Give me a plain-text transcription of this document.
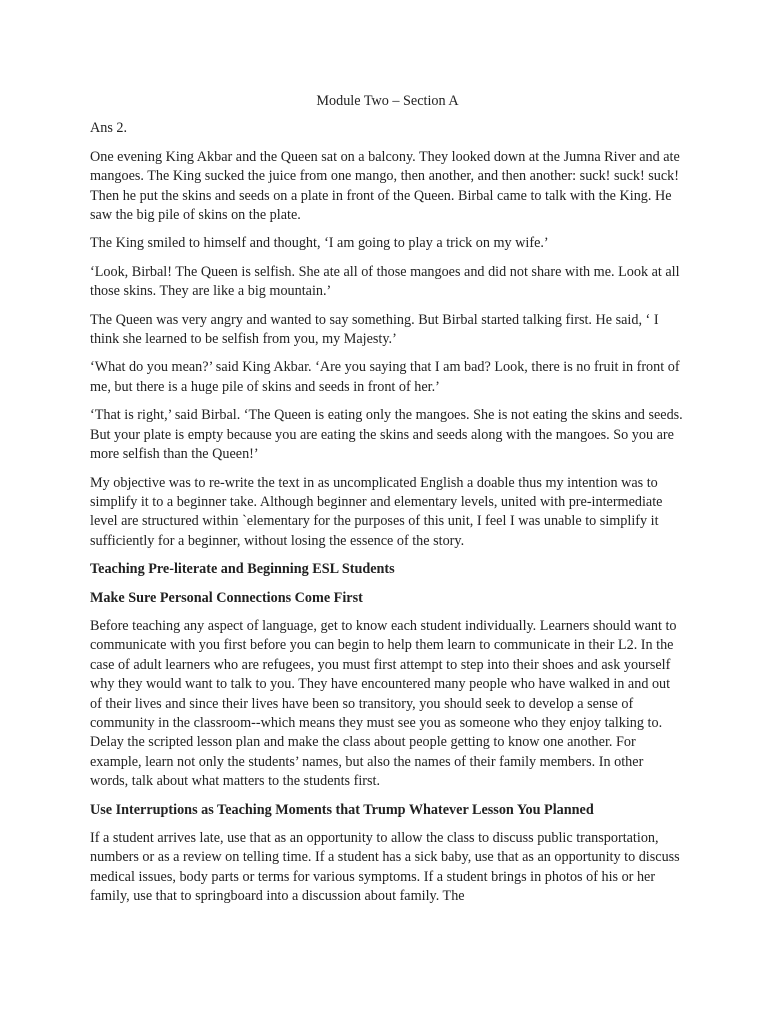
Module Two – Section A

Ans 2.

One evening King Akbar and the Queen sat on a balcony. They looked down at the Jumna River and ate mangoes. The King sucked the juice from one mango, then another, and then another: suck! suck! suck! Then he put the skins and seeds on a plate in front of the Queen. Birbal came to talk with the King. He saw the big pile of skins on the plate.

The King smiled to himself and thought, ‘I am going to play a trick on my wife.’

‘Look, Birbal! The Queen is selfish. She ate all of those mangoes and did not share with me. Look at all those skins. They are like a big mountain.’

The Queen was very angry and wanted to say something. But Birbal started talking first. He said, ‘ I think she learned to be selfish from you, my Majesty.’

‘What do you mean?’ said King Akbar. ‘Are you saying that I am bad? Look, there is no fruit in front of me, but there is a huge pile of skins and seeds in front of her.’

‘That is right,’ said Birbal. ‘The Queen is eating only the mangoes. She is not eating the skins and seeds. But your plate is empty because you are eating the skins and seeds along with the mangoes. So you are more selfish than the Queen!’

My objective was to re-write the text in as uncomplicated English a doable thus my intention was to simplify it to a beginner take. Although beginner and elementary levels, united with pre-intermediate level are structured within `elementary for the purposes of this unit, I feel I was unable to simplify it sufficiently for a beginner, without losing the essence of the story.

Teaching Pre-literate and Beginning ESL Students
Make Sure Personal Connections Come First

Before teaching any aspect of language, get to know each student individually. Learners should want to communicate with you first before you can begin to help them learn to communicate in their L2. In the case of adult learners who are refugees, you must first attempt to step into their shoes and ask yourself why they would want to talk to you. They have encountered many people who have walked in and out of their lives and since their lives have been so transitory, you should seek to develop a sense of community in the classroom--which means they must see you as someone who they enjoy talking to. Delay the scripted lesson plan and make the class about people getting to know one another. For example, learn not only the students’ names, but also the names of their family members. In other words, talk about what matters to the students first.

Use Interruptions as Teaching Moments that Trump Whatever Lesson You Planned

If a student arrives late, use that as an opportunity to allow the class to discuss public transportation, numbers or as a review on telling time. If a student has a sick baby, use that as an opportunity to discuss medical issues, body parts or terms for various symptoms. If a student brings in photos of his or her family, use that to springboard into a discussion about family. The
